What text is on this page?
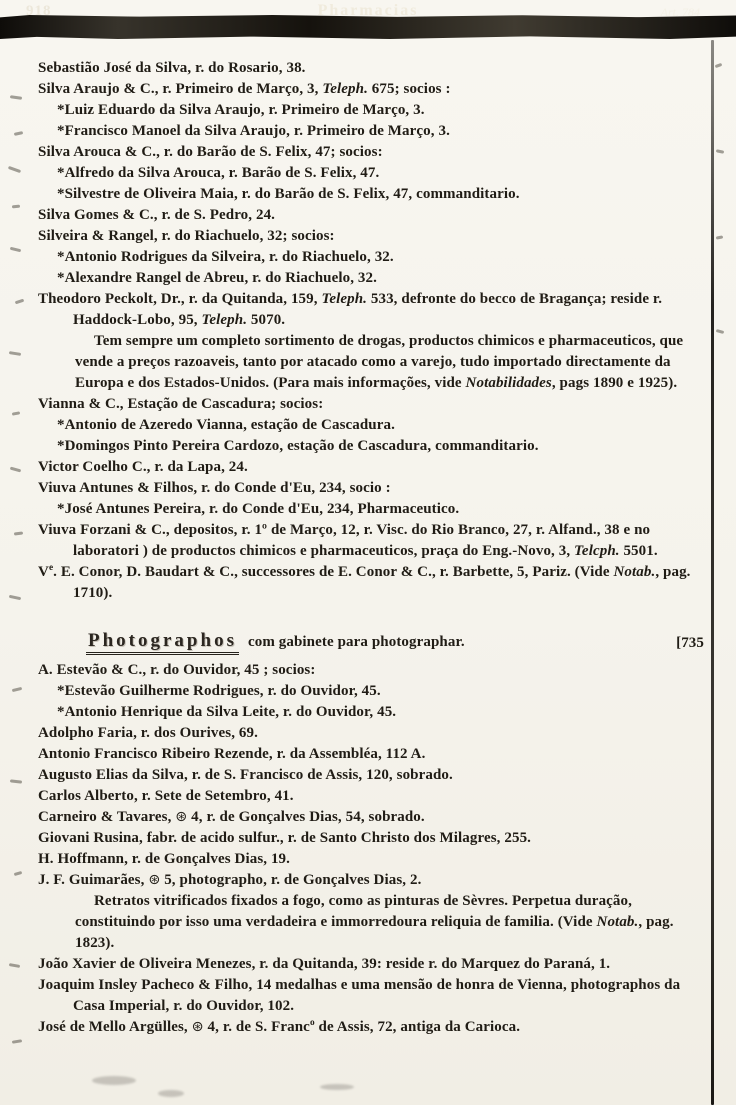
918	Pharmacias	Art. 784

Sebastião José da Silva, r. do Rosario, 38.

Silva Araujo & C., r. Primeiro de Março, 3, Teleph. 675; socios :

*Luiz Eduardo da Silva Araujo, r. Primeiro de Março, 3.

*Francisco Manoel da Silva Araujo, r. Primeiro de Março, 3.

Silva Arouca & C., r. do Barão de S. Felix, 47; socios:

*Alfredo da Silva Arouca, r. Barão de S. Felix, 47.

*Silvestre de Oliveira Maia, r. do Barão de S. Felix, 47, commanditario.

Silva Gomes & C., r. de S. Pedro, 24.

Silveira & Rangel, r. do Riachuelo, 32; socios:

*Antonio Rodrigues da Silveira, r. do Riachuelo, 32.

*Alexandre Rangel de Abreu, r. do Riachuelo, 32.

Theodoro Peckolt, Dr., r. da Quitanda, 159, Teleph. 533, defronte do becco de Bragança; reside r. Haddock-Lobo, 95, Teleph. 5070.

Tem sempre um completo sortimento de drogas, productos chimicos e pharmaceuticos, que vende a preços razoaveis, tanto por atacado como a varejo, tudo importado directamente da Europa e dos Estados-Unidos. (Para mais informações, vide Notabilidades, pags 1890 e 1925).

Vianna & C., Estação de Cascadura; socios:

*Antonio de Azeredo Vianna, estação de Cascadura.

*Domingos Pinto Pereira Cardozo, estação de Cascadura, commanditario.

Victor Coelho C., r. da Lapa, 24.

Viuva Antunes & Filhos, r. do Conde d'Eu, 234, socio :

*José Antunes Pereira, r. do Conde d'Eu, 234, Pharmaceutico.

Viuva Forzani & C., depositos, r. 1º de Março, 12, r. Visc. do Rio Branco, 27, r. Alfand., 38 e no laboratori ) de productos chimicos e pharmaceuticos, praça do Eng.-Novo, 3, Telcph. 5501.

Ve. E. Conor, D. Baudart & C., successores de E. Conor & C., r. Barbette, 5, Pariz. (Vide Notab., pag. 1710).

Photographos com gabinete para photographar.	[735

A. Estevão & C., r. do Ouvidor, 45 ; socios:

*Estevão Guilherme Rodrigues, r. do Ouvidor, 45.

*Antonio Henrique da Silva Leite, r. do Ouvidor, 45.

Adolpho Faria, r. dos Ourives, 69.

Antonio Francisco Ribeiro Rezende, r. da Assembléa, 112 A.

Augusto Elias da Silva, r. de S. Francisco de Assis, 120, sobrado.

Carlos Alberto, r. Sete de Setembro, 41.

Carneiro & Tavares, ⊛ 4, r. de Gonçalves Dias, 54, sobrado.

Giovani Rusina, fabr. de acido sulfur., r. de Santo Christo dos Milagres, 255.

H. Hoffmann, r. de Gonçalves Dias, 19.

J. F. Guimarães, ⊛ 5, photographo, r. de Gonçalves Dias, 2.

Retratos vitrificados fixados a fogo, como as pinturas de Sèvres. Perpetua duração, constituindo por isso uma verdadeira e immorredoura reliquia de familia. (Vide Notab., pag. 1823).

João Xavier de Oliveira Menezes, r. da Quitanda, 39: reside r. do Marquez do Paraná, 1.

Joaquim Insley Pacheco & Filho, 14 medalhas e uma mensão de honra de Vienna, photographos da Casa Imperial, r. do Ouvidor, 102.

José de Mello Argülles, ⊛ 4, r. de S. Franc$^o$ de Assis, 72, antiga da Carioca.
